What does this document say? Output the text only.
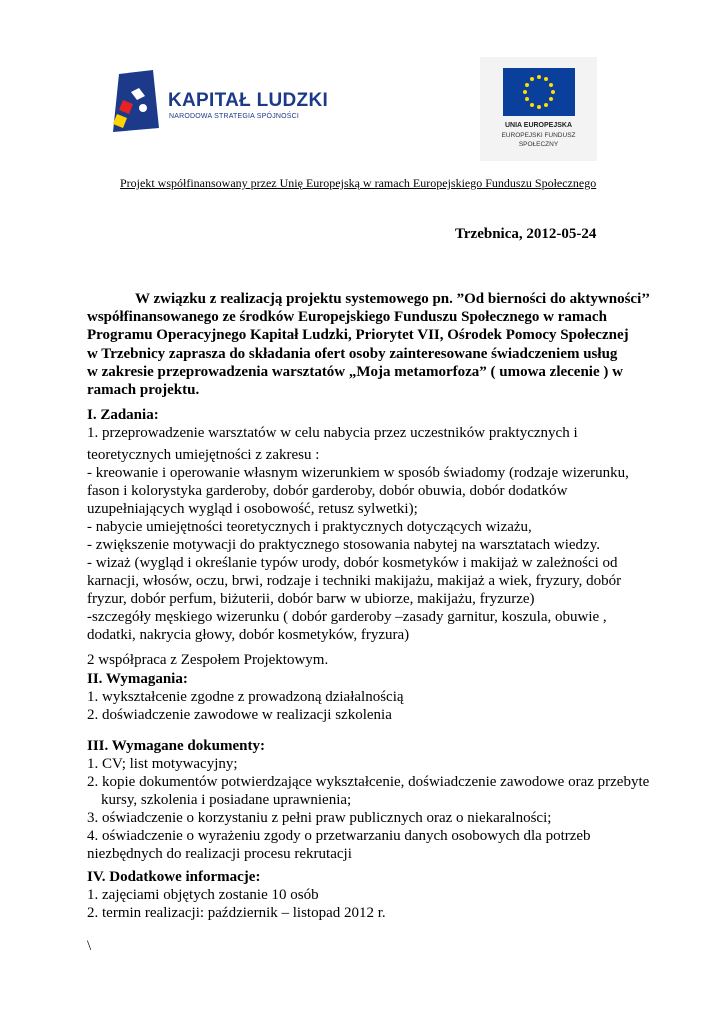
KAPITAŁ LUDZKI
NARODOWA STRATEGIA SPÓJNOŚCI
UNIA EUROPEJSKA
EUROPEJSKI FUNDUSZ
SPOŁECZNY
Projekt współfinansowany przez Unię Europejską w ramach Europejskiego Funduszu Społecznego
Trzebnica, 2012-05-24
W związku z realizacją projektu systemowego pn. ”Od bierności do aktywności’’
współfinansowanego ze środków Europejskiego Funduszu Społecznego w ramach
Programu Operacyjnego Kapitał Ludzki, Priorytet VII, Ośrodek Pomocy Społecznej
w Trzebnicy zaprasza do składania ofert osoby zainteresowane świadczeniem usług
w zakresie przeprowadzenia warsztatów „Moja metamorfoza” ( umowa zlecenie ) w
ramach projektu.
I. Zadania:
1. przeprowadzenie warsztatów w celu nabycia przez uczestników praktycznych i
teoretycznych umiejętności z zakresu :
- kreowanie i operowanie własnym wizerunkiem w sposób świadomy (rodzaje wizerunku,
fason i kolorystyka garderoby, dobór garderoby, dobór obuwia, dobór dodatków
uzupełniających wygląd i osobowość, retusz sylwetki);
- nabycie umiejętności teoretycznych i praktycznych dotyczących wizażu,
- zwiększenie motywacji do praktycznego stosowania nabytej na warsztatach wiedzy.
- wizaż (wygląd i określanie typów urody, dobór kosmetyków i makijaż w zależności od
karnacji, włosów, oczu, brwi, rodzaje i techniki makijażu, makijaż a wiek, fryzury, dobór
fryzur, dobór perfum, biżuterii, dobór barw w ubiorze, makijażu, fryzurze)
-szczegóły męskiego wizerunku ( dobór garderoby –zasady garnitur, koszula, obuwie ,
dodatki, nakrycia głowy, dobór kosmetyków, fryzura)
2 współpraca z Zespołem Projektowym.
II. Wymagania:
1. wykształcenie zgodne z prowadzoną działalnością
2. doświadczenie zawodowe w realizacji szkolenia
III. Wymagane dokumenty:
1. CV; list motywacyjny;
2. kopie dokumentów potwierdzające wykształcenie, doświadczenie zawodowe oraz przebyte
kursy, szkolenia i posiadane uprawnienia;
3. oświadczenie o korzystaniu z pełni praw publicznych oraz o niekaralności;
4. oświadczenie o wyrażeniu zgody o przetwarzaniu danych osobowych dla potrzeb
niezbędnych do realizacji procesu rekrutacji
IV. Dodatkowe informacje:
1. zajęciami objętych zostanie 10 osób
2. termin realizacji: październik – listopad 2012 r.
\
